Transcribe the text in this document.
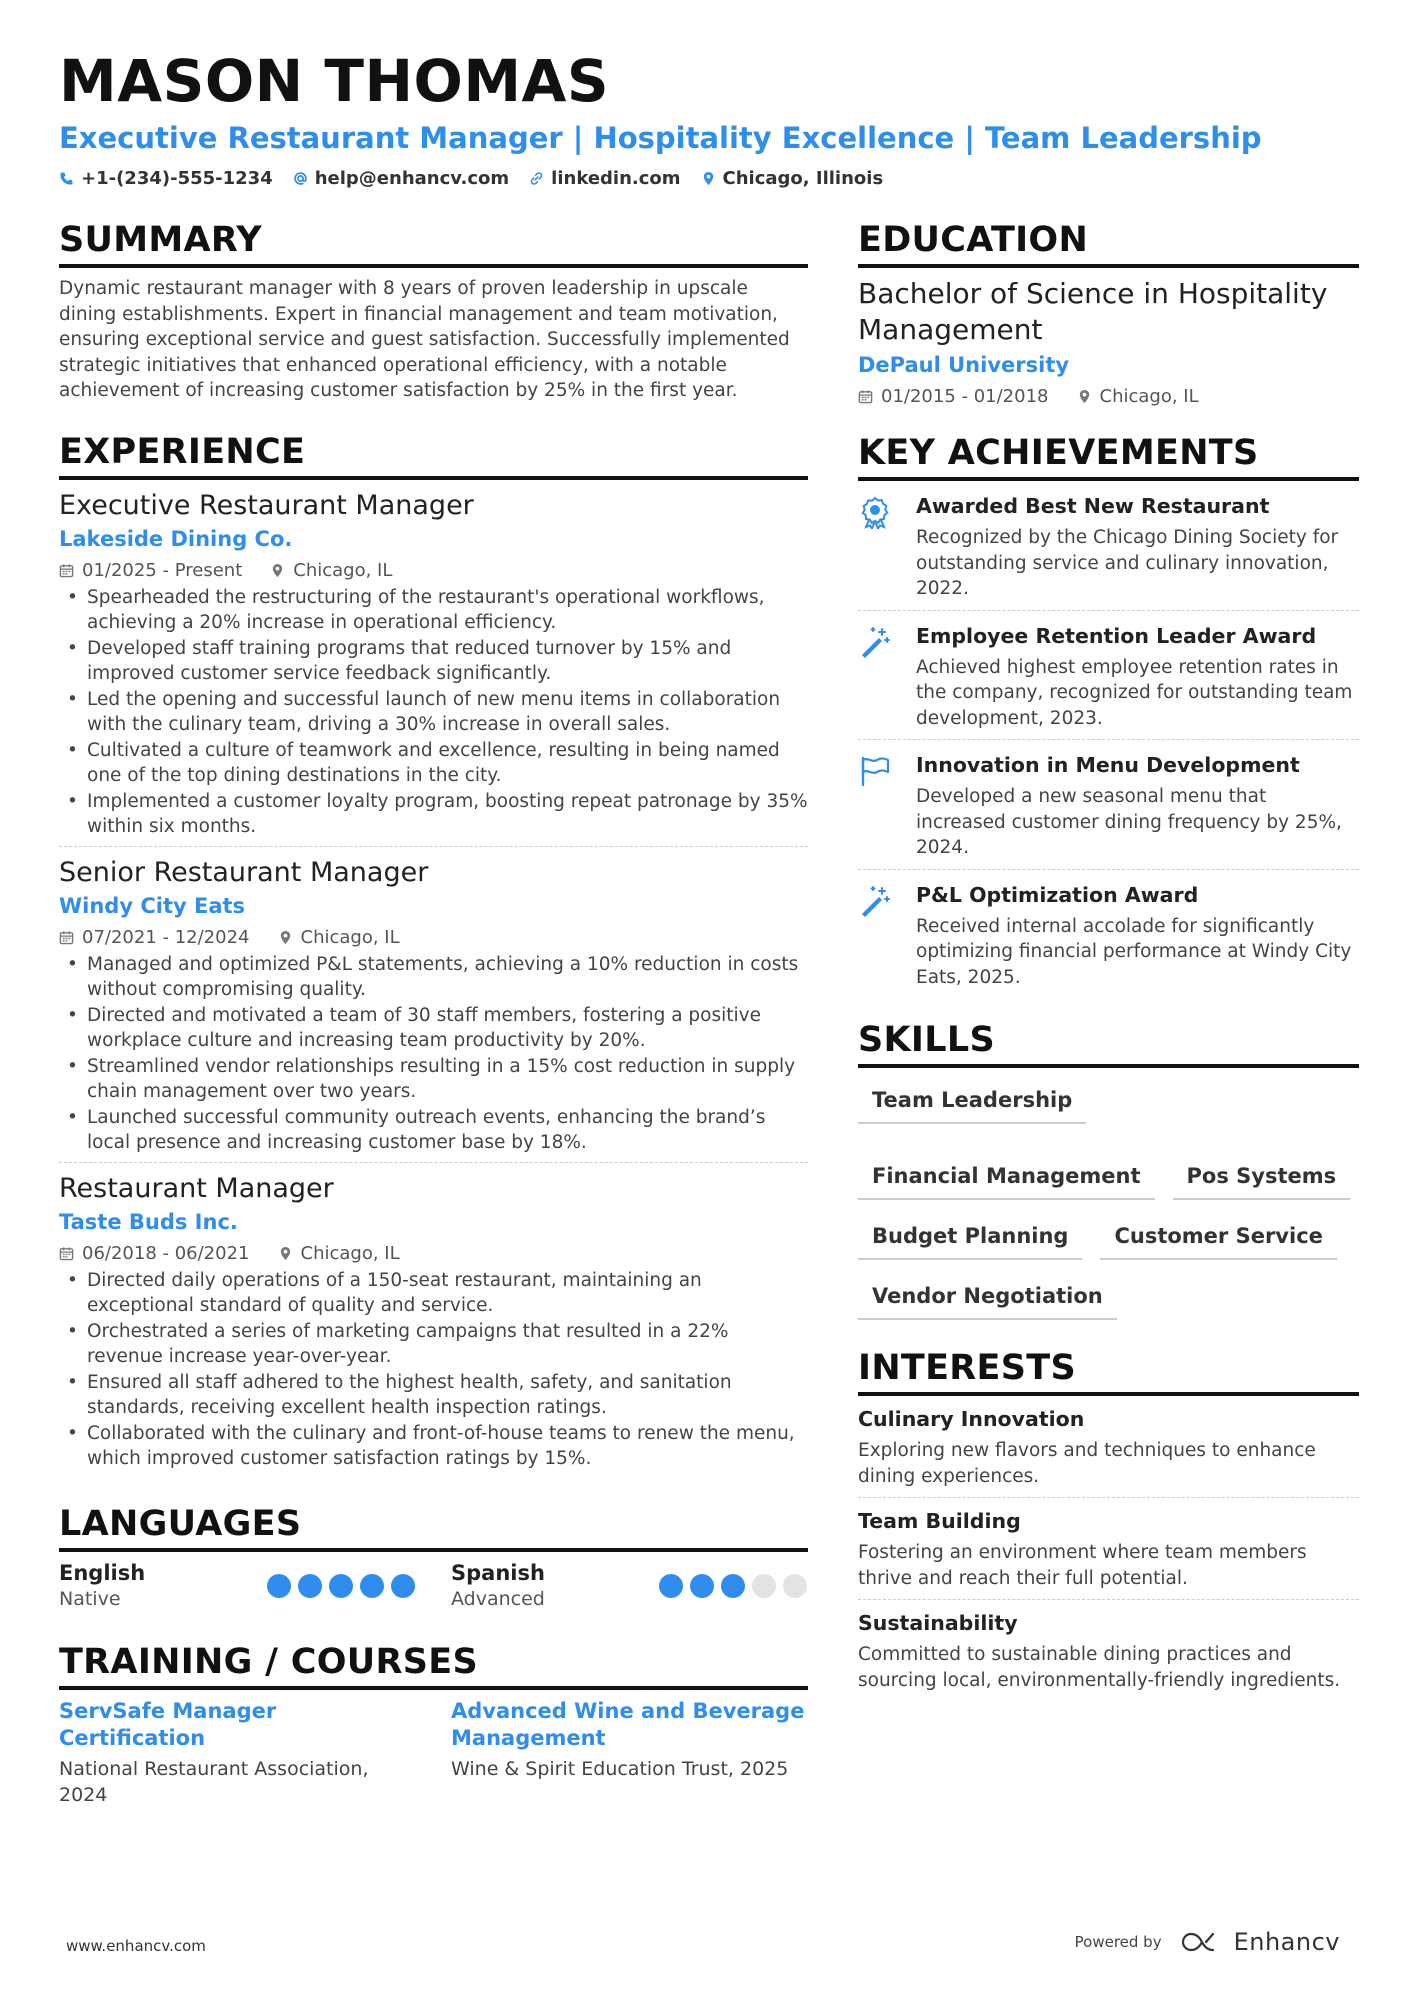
MASON THOMAS
Executive Restaurant Manager | Hospitality Excellence | Team Leadership
+1-(234)-555-1234 help@enhancv.com linkedin.com Chicago, Illinois
SUMMARY

Dynamic restaurant manager with 8 years of proven leadership in upscale dining establishments. Expert in financial management and team motivation, ensuring exceptional service and guest satisfaction. Successfully implemented strategic initiatives that enhanced operational efficiency, with a notable achievement of increasing customer satisfaction by 25% in the first year.

EXPERIENCE
Executive Restaurant Manager
Lakeside Dining Co.
01/2025 - Present	Chicago, IL
• Spearheaded the restructuring of the restaurant's operational workflows, achieving a 20% increase in operational efficiency.
• Developed staff training programs that reduced turnover by 15% and improved customer service feedback significantly.
• Led the opening and successful launch of new menu items in collaboration with the culinary team, driving a 30% increase in overall sales.
• Cultivated a culture of teamwork and excellence, resulting in being named one of the top dining destinations in the city.
• Implemented a customer loyalty program, boosting repeat patronage by 35% within six months.
Senior Restaurant Manager
Windy City Eats
07/2021 - 12/2024	Chicago, IL
• Managed and optimized P&L statements, achieving a 10% reduction in costs without compromising quality.
• Directed and motivated a team of 30 staff members, fostering a positive workplace culture and increasing team productivity by 20%.
• Streamlined vendor relationships resulting in a 15% cost reduction in supply chain management over two years.
• Launched successful community outreach events, enhancing the brand’s local presence and increasing customer base by 18%.
Restaurant Manager
Taste Buds Inc.
06/2018 - 06/2021	Chicago, IL
• Directed daily operations of a 150-seat restaurant, maintaining an exceptional standard of quality and service.
• Orchestrated a series of marketing campaigns that resulted in a 22% revenue increase year-over-year.
• Ensured all staff adhered to the highest health, safety, and sanitation standards, receiving excellent health inspection ratings.
• Collaborated with the culinary and front-of-house teams to renew the menu, which improved customer satisfaction ratings by 15%.
LANGUAGES
English
Native
Spanish
Advanced
TRAINING / COURSES
ServSafe Manager Certification
National Restaurant Association, 2024
Advanced Wine and Beverage Management
Wine & Spirit Education Trust, 2025
EDUCATION
Bachelor of Science in Hospitality Management
DePaul University
01/2015 - 01/2018	Chicago, IL
KEY ACHIEVEMENTS
Awarded Best New Restaurant
Recognized by the Chicago Dining Society for outstanding service and culinary innovation, 2022.
Employee Retention Leader Award
Achieved highest employee retention rates in the company, recognized for outstanding team development, 2023.
Innovation in Menu Development
Developed a new seasonal menu that increased customer dining frequency by 25%, 2024.
P&L Optimization Award
Received internal accolade for significantly optimizing financial performance at Windy City Eats, 2025.
SKILLS
Team Leadership
Financial Management	Pos Systems
Budget Planning	Customer Service
Vendor Negotiation
INTERESTS
Culinary Innovation
Exploring new flavors and techniques to enhance dining experiences.
Team Building
Fostering an environment where team members thrive and reach their full potential.
Sustainability
Committed to sustainable dining practices and sourcing local, environmentally-friendly ingredients.
www.enhancv.com	Powered by	Enhancv
